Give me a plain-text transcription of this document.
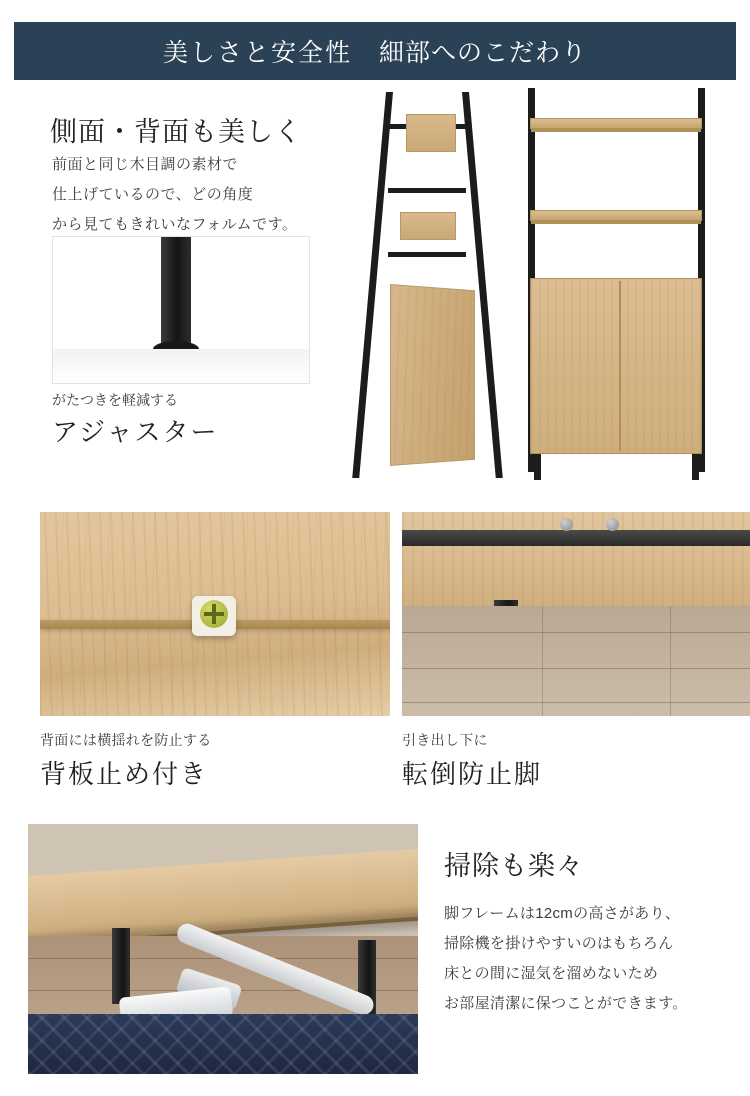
美しさと安全性 細部へのこだわり
側面・背面も美しく
前面と同じ木目調の素材で
仕上げているので、どの角度
から見てもきれいなフォルムです。
がたつきを軽減する
アジャスター
背面には横揺れを防止する
背板止め付き
引き出し下に
転倒防止脚
掃除も楽々

脚フレームは12cmの高さがあり、
掃除機を掛けやすいのはもちろん
床との間に湿気を溜めないため
お部屋清潔に保つことができます。
